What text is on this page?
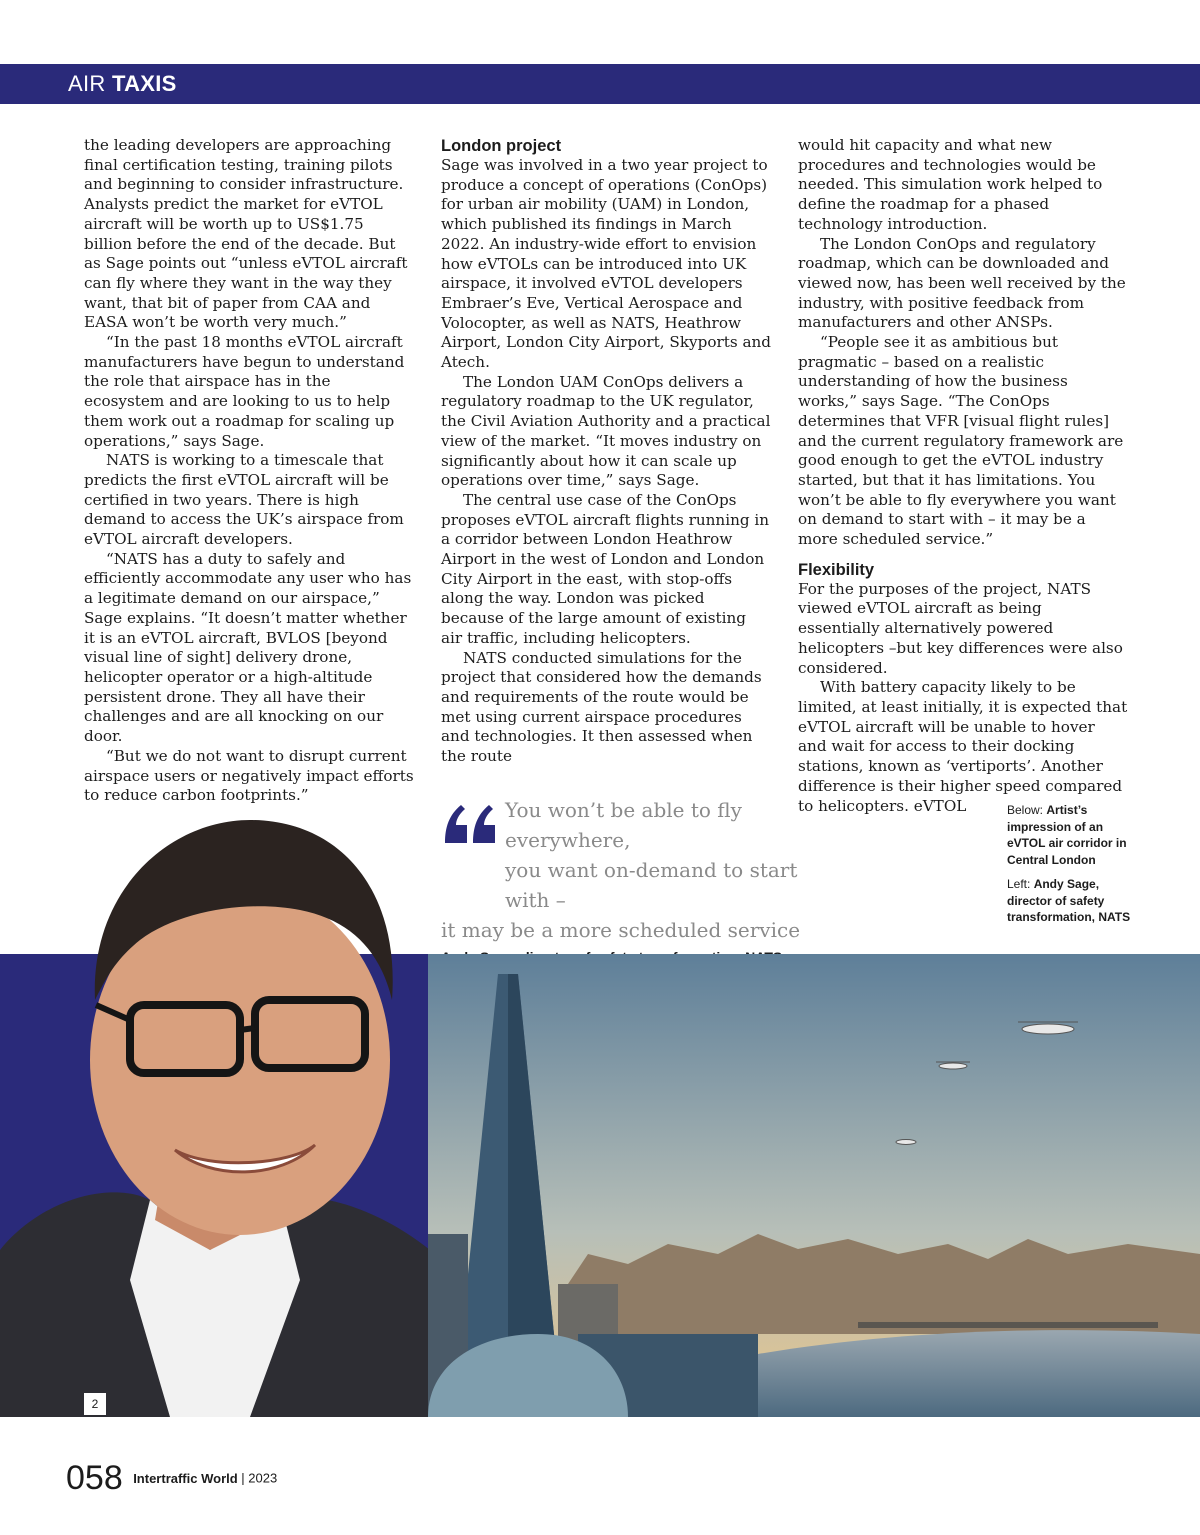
AIR TAXIS

the leading developers are approaching final certification testing, training pilots and beginning to consider infrastructure. Analysts predict the market for eVTOL aircraft will be worth up to US$1.75 billion before the end of the decade. But as Sage points out “unless eVTOL aircraft can fly where they want in the way they want, that bit of paper from CAA and EASA won’t be worth very much.”

“In the past 18 months eVTOL aircraft manufacturers have begun to understand the role that airspace has in the ecosystem and are looking to us to help them work out a roadmap for scaling up operations,” says Sage.

NATS is working to a timescale that predicts the first eVTOL aircraft will be certified in two years. There is high demand to access the UK’s airspace from eVTOL aircraft developers.

“NATS has a duty to safely and efficiently accommodate any user who has a legitimate demand on our airspace,” Sage explains. “It doesn’t matter whether it is an eVTOL aircraft, BVLOS [beyond visual line of sight] delivery drone, helicopter operator or a high-altitude persistent drone. They all have their challenges and are all knocking on our door.

“But we do not want to disrupt current airspace users or negatively impact efforts to reduce carbon footprints.”

London project

Sage was involved in a two year project to produce a concept of operations (ConOps) for urban air mobility (UAM) in London, which published its findings in March 2022. An industry-wide effort to envision how eVTOLs can be introduced into UK airspace, it involved eVTOL developers Embraer’s Eve, Vertical Aerospace and Volocopter, as well as NATS, Heathrow Airport, London City Airport, Skyports and Atech.

The London UAM ConOps delivers a regulatory roadmap to the UK regulator, the Civil Aviation Authority and a practical view of the market. “It moves industry on significantly about how it can scale up operations over time,” says Sage.

The central use case of the ConOps proposes eVTOL aircraft flights running in a corridor between London Heathrow Airport in the west of London and London City Airport in the east, with stop-offs along the way. London was picked because of the large amount of existing air traffic, including helicopters.

NATS conducted simulations for the project that considered how the demands and requirements of the route would be met using current airspace procedures and technologies. It then assessed when the route

would hit capacity and what new procedures and technologies would be needed. This simulation work helped to define the roadmap for a phased technology introduction.

The London ConOps and regulatory roadmap, which can be downloaded and viewed now, has been well received by the industry, with positive feedback from manufacturers and other ANSPs.

“People see it as ambitious but pragmatic – based on a realistic understanding of how the business works,” says Sage. “The ConOps determines that VFR [visual flight rules] and the current regulatory framework are good enough to get the eVTOL industry started, but that it has limitations. You won’t be able to fly everywhere you want on demand to start with – it may be a more scheduled service.”

Flexibility

For the purposes of the project, NATS viewed eVTOL aircraft as being essentially alternatively powered helicopters –but key differences were also considered.

With battery capacity likely to be limited, at least initially, it is expected that eVTOL aircraft will be unable to hover and wait for access to their docking stations, known as ‘vertiports’. Another difference is their higher speed compared to helicopters. eVTOL

You won’t be able to fly everywhere,
you want on-demand to start with –
it may be a more scheduled service

Below: Artist’s impression of an eVTOL air corridor in Central London

Left: Andy Sage, director of safety transformation, NATS

2
058 Intertraffic World | 2023
